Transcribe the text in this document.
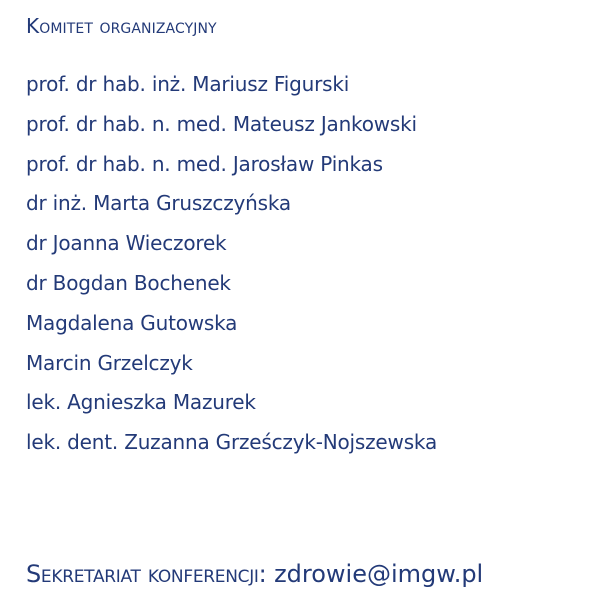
Komitet organizacyjny
prof. dr hab. inż. Mariusz Figurski
prof. dr hab. n. med. Mateusz Jankowski
prof. dr hab. n. med. Jarosław Pinkas
dr inż. Marta Gruszczyńska
dr Joanna Wieczorek
dr Bogdan Bochenek
Magdalena Gutowska
Marcin Grzelczyk
lek. Agnieszka Mazurek
lek. dent. Zuzanna Grześczyk-Nojszewska
Sekretariat konferencji: zdrowie@imgw.pl
